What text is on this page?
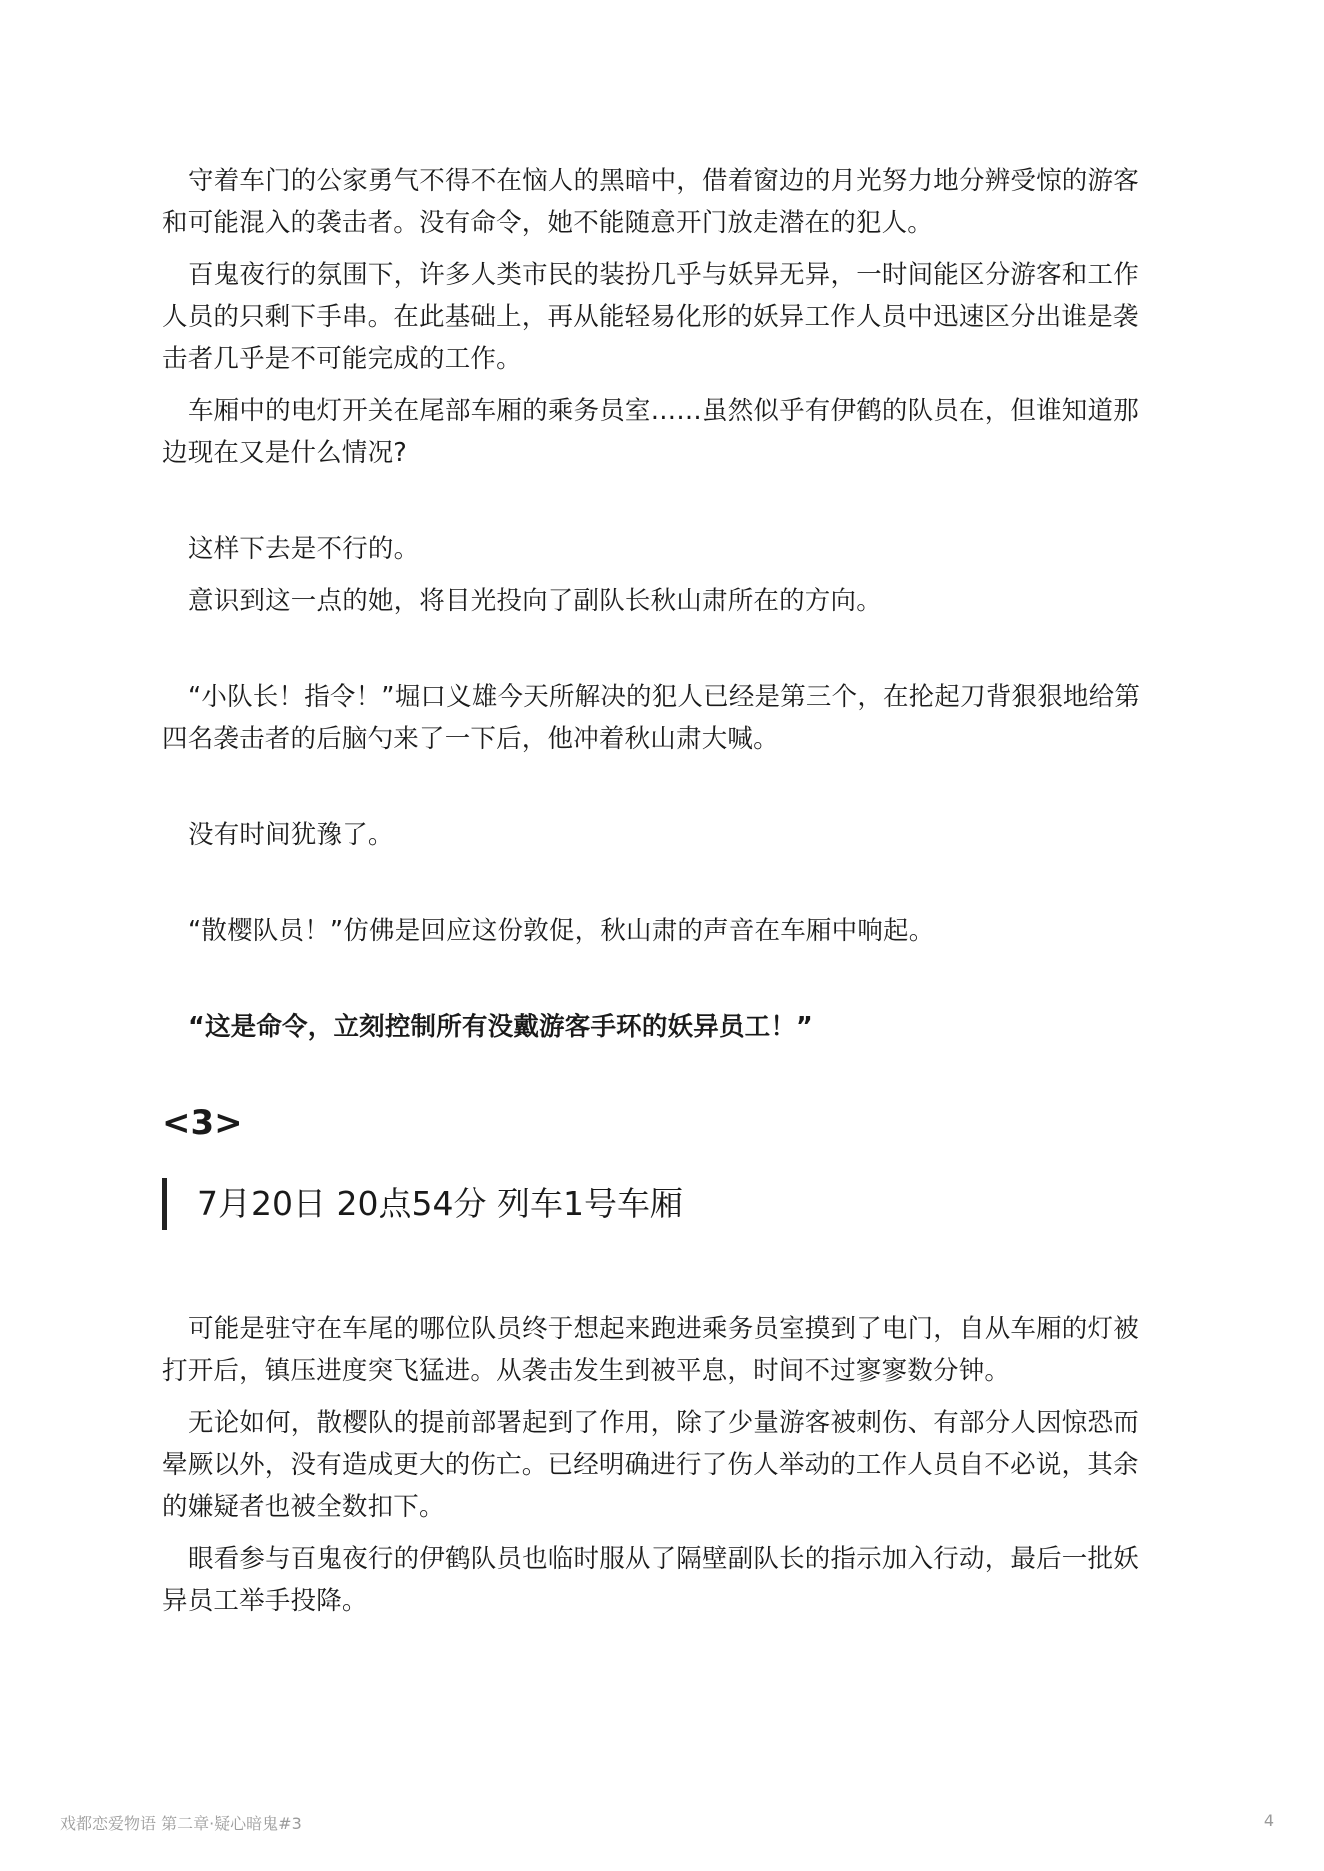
守着车门的公家勇气不得不在恼人的黑暗中，借着窗边的月光努力地分辨受惊的游客和可能混入的袭击者。没有命令，她不能随意开门放走潜在的犯人。

百鬼夜行的氛围下，许多人类市民的装扮几乎与妖异无异，一时间能区分游客和工作人员的只剩下手串。在此基础上，再从能轻易化形的妖异工作人员中迅速区分出谁是袭击者几乎是不可能完成的工作。

车厢中的电灯开关在尾部车厢的乘务员室……虽然似乎有伊鹤的队员在，但谁知道那边现在又是什么情况?

这样下去是不行的。

意识到这一点的她，将目光投向了副队长秋山肃所在的方向。

“小队长！指令！”堀口义雄今天所解决的犯人已经是第三个，在抡起刀背狠狠地给第四名袭击者的后脑勺来了一下后，他冲着秋山肃大喊。

没有时间犹豫了。

“散樱队员！”仿佛是回应这份敦促，秋山肃的声音在车厢中响起。

“这是命令，立刻控制所有没戴游客手环的妖异员工！”

<3>
7月20日 20点54分 列车1号车厢

可能是驻守在车尾的哪位队员终于想起来跑进乘务员室摸到了电门，自从车厢的灯被打开后，镇压进度突飞猛进。从袭击发生到被平息，时间不过寥寥数分钟。

无论如何，散樱队的提前部署起到了作用，除了少量游客被刺伤、有部分人因惊恐而晕厥以外，没有造成更大的伤亡。已经明确进行了伤人举动的工作人员自不必说，其余的嫌疑者也被全数扣下。

眼看参与百鬼夜行的伊鹤队员也临时服从了隔壁副队长的指示加入行动，最后一批妖异员工举手投降。

戏都恋爱物语 第二章·疑心暗鬼#3	4
